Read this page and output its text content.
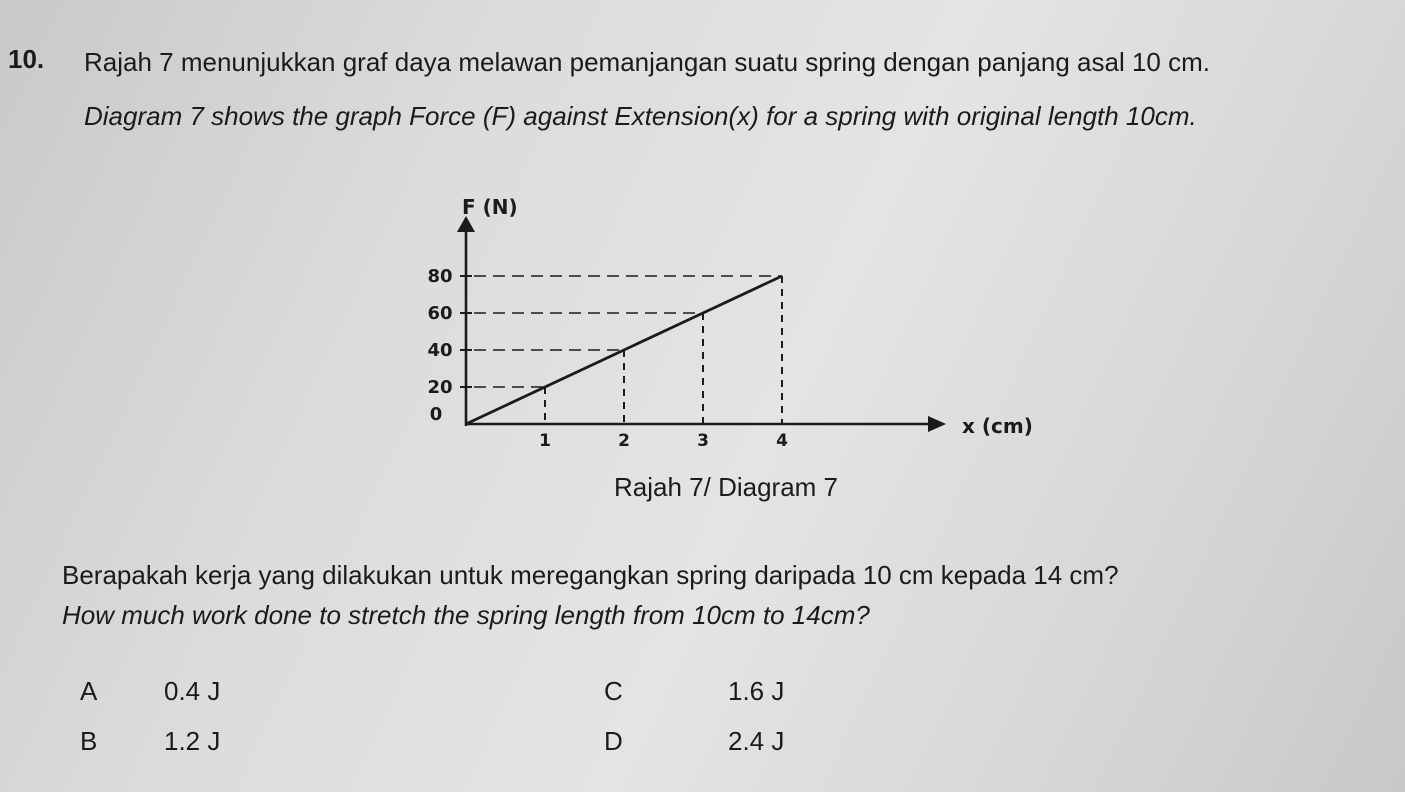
10. Rajah 7 menunjukkan graf daya melawan pemanjangan suatu spring dengan panjang asal 10 cm.
Diagram 7 shows the graph Force (F) against Extension(x) for a spring with original length 10cm.
20
40
60
80
1	2	3	4
0
F (N)
x (cm)
Rajah 7/ Diagram 7
Berapakah kerja yang dilakukan untuk meregangkan spring daripada 10 cm kepada 14 cm?
How much work done to stretch the spring length from 10cm to 14cm?
A	0.4 J
B	1.2 J
C	1.6 J
D	2.4 J
